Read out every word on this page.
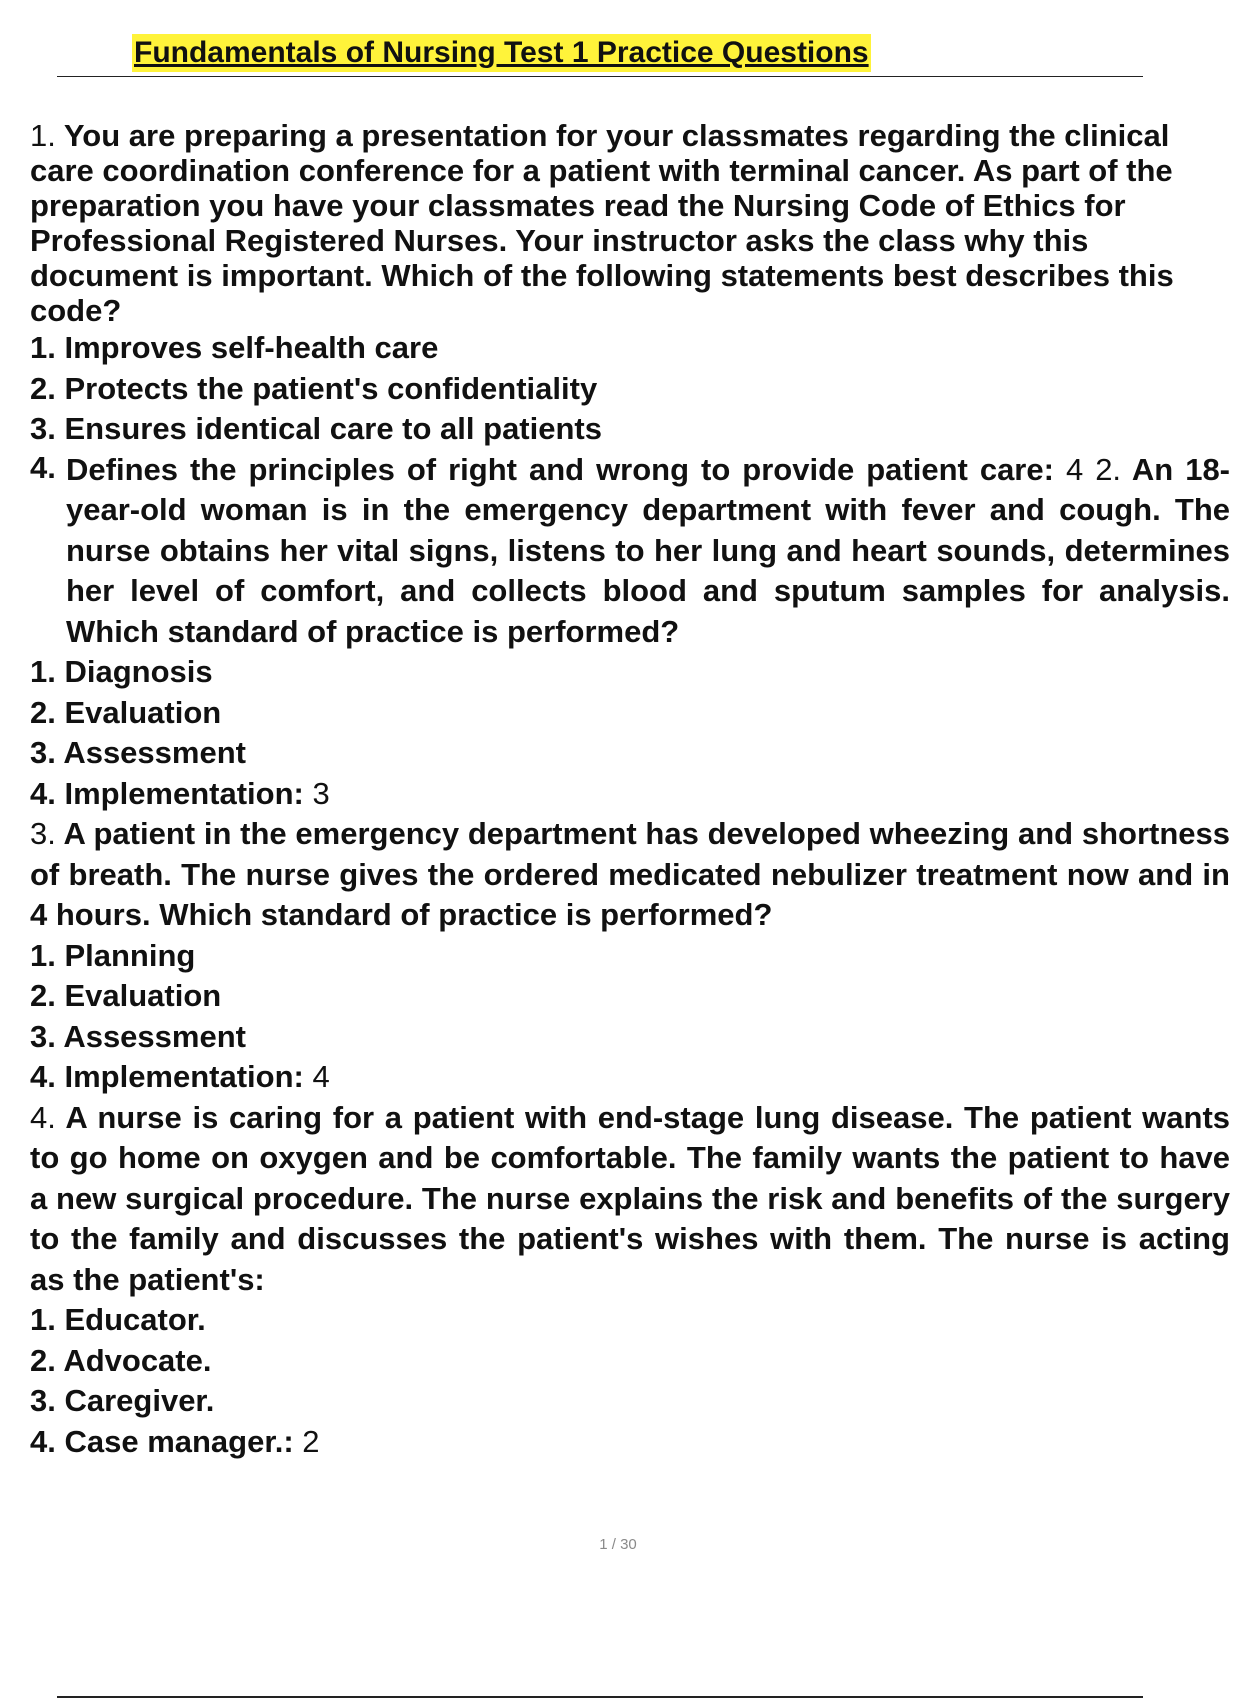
Fundamentals of Nursing Test 1 Practice Questions

1. You are preparing a presentation for your classmates regarding the clinical care coordination conference for a patient with terminal cancer. As part of the preparation you have your classmates read the Nursing Code of Ethics for Professional Registered Nurses. Your instructor asks the class why this document is important. Which of the following statements best describes this code?

1. Improves self-health care

2. Protects the patient's confidentiality

3. Ensures identical care to all patients

4. Defines the principles of right and wrong to provide patient care: 4 2. An 18-year-old woman is in the emergency department with fever and cough. The nurse obtains her vital signs, listens to her lung and heart sounds, determines her level of comfort, and collects blood and sputum samples for analysis. Which standard of practice is performed?

1. Diagnosis

2. Evaluation

3. Assessment

4. Implementation: 3

3. A patient in the emergency department has developed wheezing and shortness of breath. The nurse gives the ordered medicated nebulizer treatment now and in 4 hours. Which standard of practice is performed?

1. Planning

2. Evaluation

3. Assessment

4. Implementation: 4

4. A nurse is caring for a patient with end-stage lung disease. The patient wants to go home on oxygen and be comfortable. The family wants the patient to have a new surgical procedure. The nurse explains the risk and benefits of the surgery to the family and discusses the patient's wishes with them. The nurse is acting as the patient's:

1. Educator.

2. Advocate.

3. Caregiver.

4. Case manager.: 2

1 / 30
